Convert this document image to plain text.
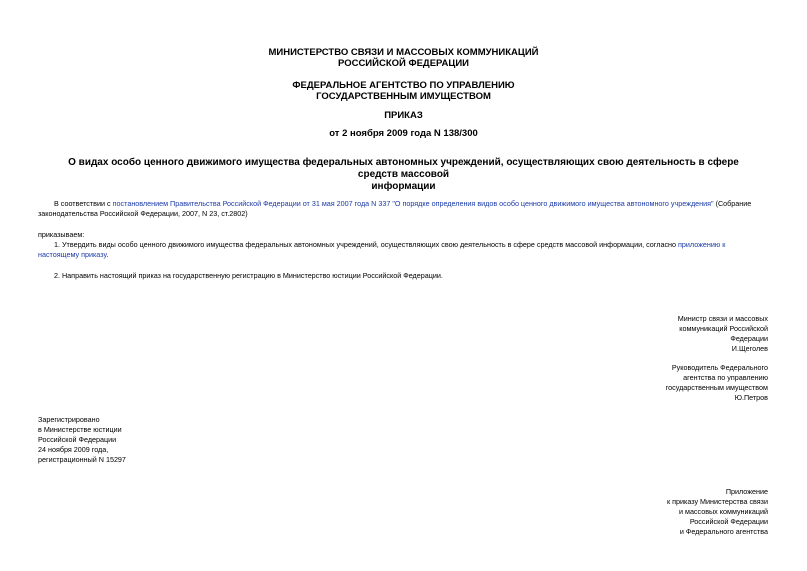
МИНИСТЕРСТВО СВЯЗИ И МАССОВЫХ КОММУНИКАЦИЙ
РОССИЙСКОЙ ФЕДЕРАЦИИ
ФЕДЕРАЛЬНОЕ АГЕНТСТВО ПО УПРАВЛЕНИЮ
ГОСУДАРСТВЕННЫМ ИМУЩЕСТВОМ
ПРИКАЗ
от 2 ноября 2009 года N 138/300
О видах особо ценного движимого имущества федеральных автономных учреждений, осуществляющих свою деятельность в сфере средств массовой
информации
В соответствии с постановлением Правительства Российской Федерации от 31 мая 2007 года N 337 "О порядке определения видов особо ценного движимого имущества автономного учреждения" (Собрание законодательства Российской Федерации, 2007, N 23, ст.2802)
приказываем:
1. Утвердить виды особо ценного движимого имущества федеральных автономных учреждений, осуществляющих свою деятельность в сфере средств массовой информации, согласно приложению к настоящему приказу.
2. Направить настоящий приказ на государственную регистрацию в Министерство юстиции Российской Федерации.
Министр связи и массовых
коммуникаций Российской
Федерации
И.Щеголев
Руководитель Федерального
агентства по управлению
государственным имуществом
Ю.Петров
Зарегистрировано
в Министерстве юстиции
Российской Федерации
24 ноября 2009 года,
регистрационный N 15297
Приложение
к приказу Министерства связи
и массовых коммуникаций
Российской Федерации
и Федерального агентства
